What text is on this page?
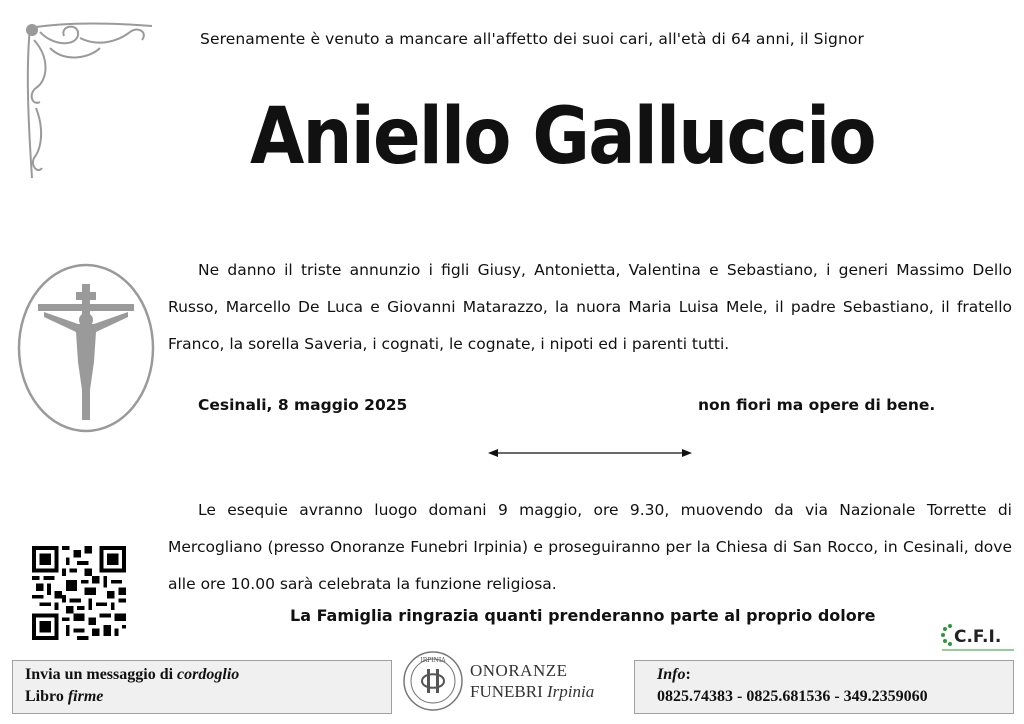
Serenamente è venuto a mancare all'affetto dei suoi cari, all'età di 64 anni, il Signor
Aniello Galluccio
Ne danno il triste annunzio i figli Giusy, Antonietta, Valentina e Sebastiano, i generi Massimo Dello Russo, Marcello De Luca e Giovanni Matarazzo, la nuora Maria Luisa Mele, il padre Sebastiano, il fratello Franco, la sorella Saveria, i cognati, le cognate, i nipoti ed i parenti tutti.
Cesinali, 8 maggio 2025	non fiori ma opere di bene.
Le esequie avranno luogo domani 9 maggio, ore 9.30, muovendo da via Nazionale Torrette di Mercogliano (presso Onoranze Funebri Irpinia) e proseguiranno per la Chiesa di San Rocco, in Cesinali, dove alle ore 10.00 sarà celebrata la funzione religiosa.
La Famiglia ringrazia quanti prenderanno parte al proprio dolore
C.F.I.
Invia un messaggio di cordoglio
Libro firme
IRPINIA
ONORANZE
FUNEBRI Irpinia
Info:
0825.74383 - 0825.681536 - 349.2359060
